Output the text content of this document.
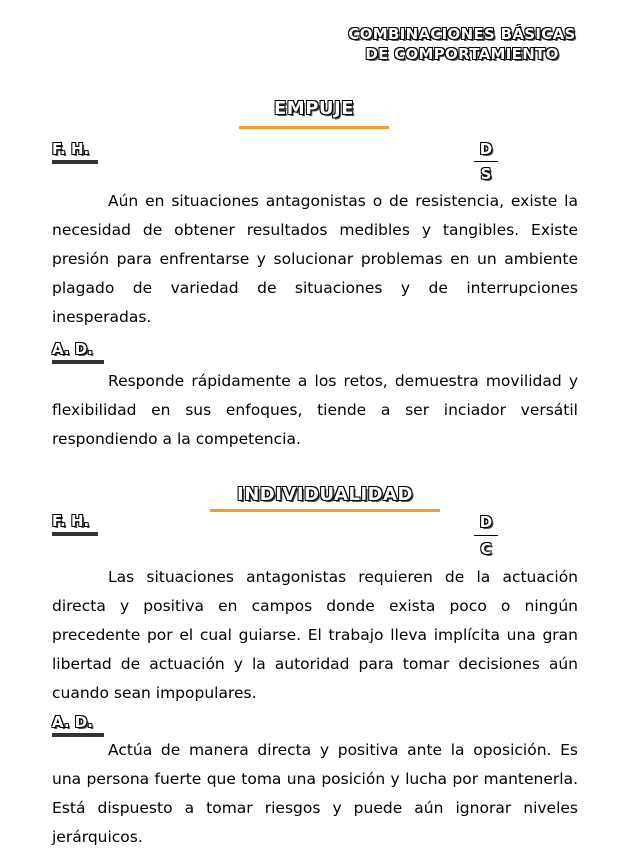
COMBINACIONES BÁSICAS
DE COMPORTAMIENTO
EMPUJE
F. H.	D
S
Aún en situaciones antagonistas o de resistencia, existe la necesidad de obtener resultados medibles y tangibles. Existe presión para enfrentarse y solucionar problemas en un ambiente plagado de variedad de situaciones y de interrupciones inesperadas.
A. D.
Responde rápidamente a los retos, demuestra movilidad y flexibilidad en sus enfoques, tiende a ser inciador versátil respondiendo a la competencia.
INDIVIDUALIDAD
F. H.	D
C
Las situaciones antagonistas requieren de la actuación directa y positiva en campos donde exista poco o ningún precedente por el cual guiarse. El trabajo lleva implícita una gran libertad de actuación y la autoridad para tomar decisiones aún cuando sean impopulares.
A. D.
Actúa de manera directa y positiva ante la oposición. Es una persona fuerte que toma una posición y lucha por mantenerla. Está dispuesto a tomar riesgos y puede aún ignorar niveles jerárquicos.
